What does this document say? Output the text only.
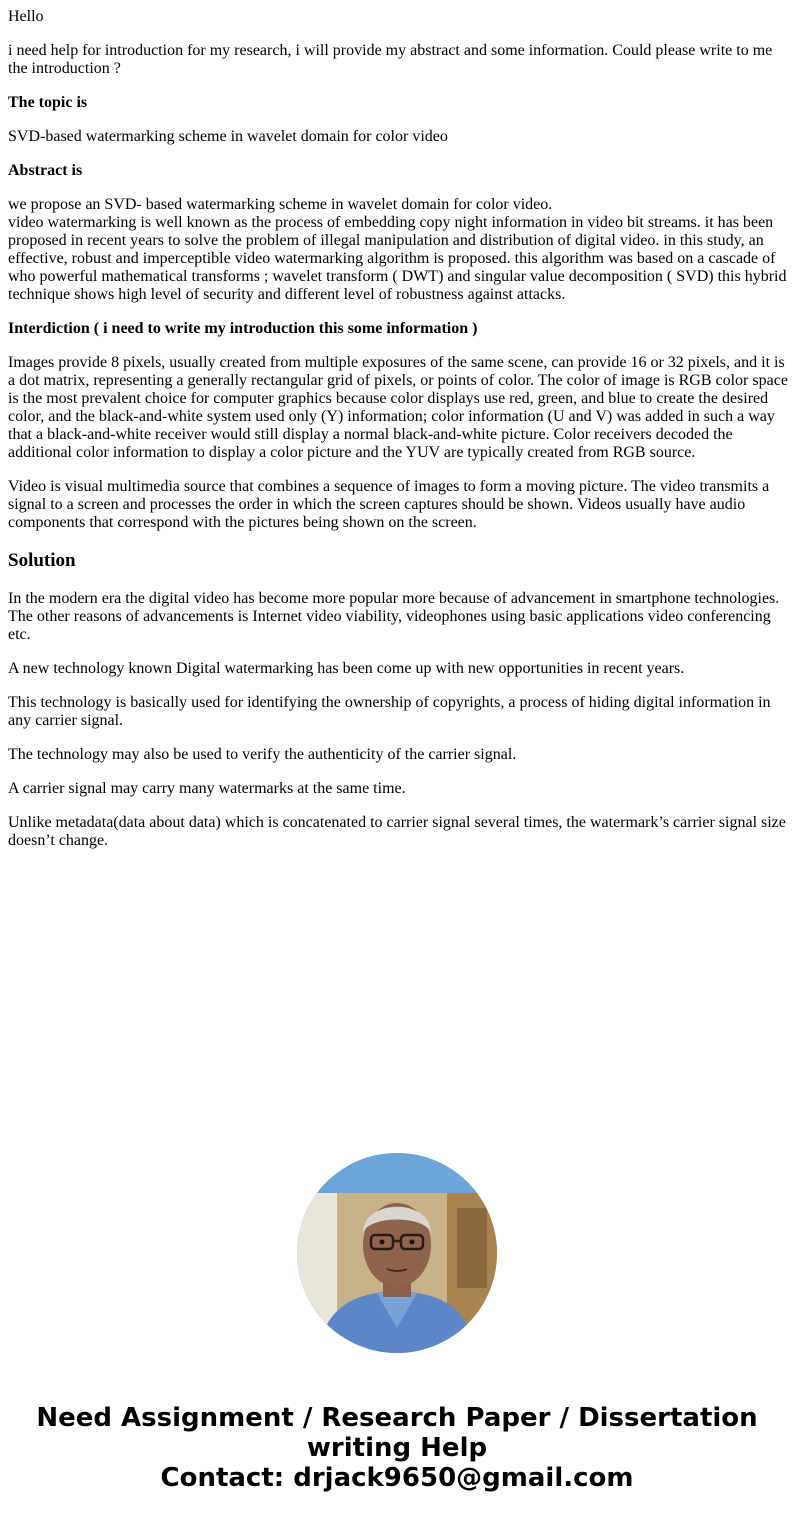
Hello

i need help for introduction for my research, i will provide my abstract and some information. Could please write to me the introduction ?

The topic is

SVD-based watermarking scheme in wavelet domain for color video

Abstract is

we propose an SVD- based watermarking scheme in wavelet domain for color video.
video watermarking is well known as the process of embedding copy night information in video bit streams. it has been proposed in recent years to solve the problem of illegal manipulation and distribution of digital video. in this study, an effective, robust and imperceptible video watermarking algorithm is proposed. this algorithm was based on a cascade of who powerful mathematical transforms ; wavelet transform ( DWT) and singular value decomposition ( SVD) this hybrid technique shows high level of security and different level of robustness against attacks.

Interdiction ( i need to write my introduction this some information )

Images provide 8 pixels, usually created from multiple exposures of the same scene, can provide 16 or 32 pixels, and it is a dot matrix, representing a generally rectangular grid of pixels, or points of color. The color of image is RGB color space is the most prevalent choice for computer graphics because color displays use red, green, and blue to create the desired color, and the black-and-white system used only (Y) information; color information (U and V) was added in such a way that a black-and-white receiver would still display a normal black-and-white picture. Color receivers decoded the additional color information to display a color picture and the YUV are typically created from RGB source.

Video is visual multimedia source that combines a sequence of images to form a moving picture. The video transmits a signal to a screen and processes the order in which the screen captures should be shown. Videos usually have audio components that correspond with the pictures being shown on the screen.

Solution

In the modern era the digital video has become more popular more because of advancement in smartphone technologies. The other reasons of advancements is Internet video viability, videophones using basic applications video conferencing etc.

A new technology known Digital watermarking has been come up with new opportunities in recent years.

This technology is basically used for identifying the ownership of copyrights, a process of hiding digital information in any carrier signal.

The technology may also be used to verify the authenticity of the carrier signal.

A carrier signal may carry many watermarks at the same time.

Unlike metadata(data about data) which is concatenated to carrier signal several times, the watermark’s carrier signal size doesn’t change.

Need Assignment / Research Paper / Dissertation
writing Help
Contact: drjack9650@gmail.com
